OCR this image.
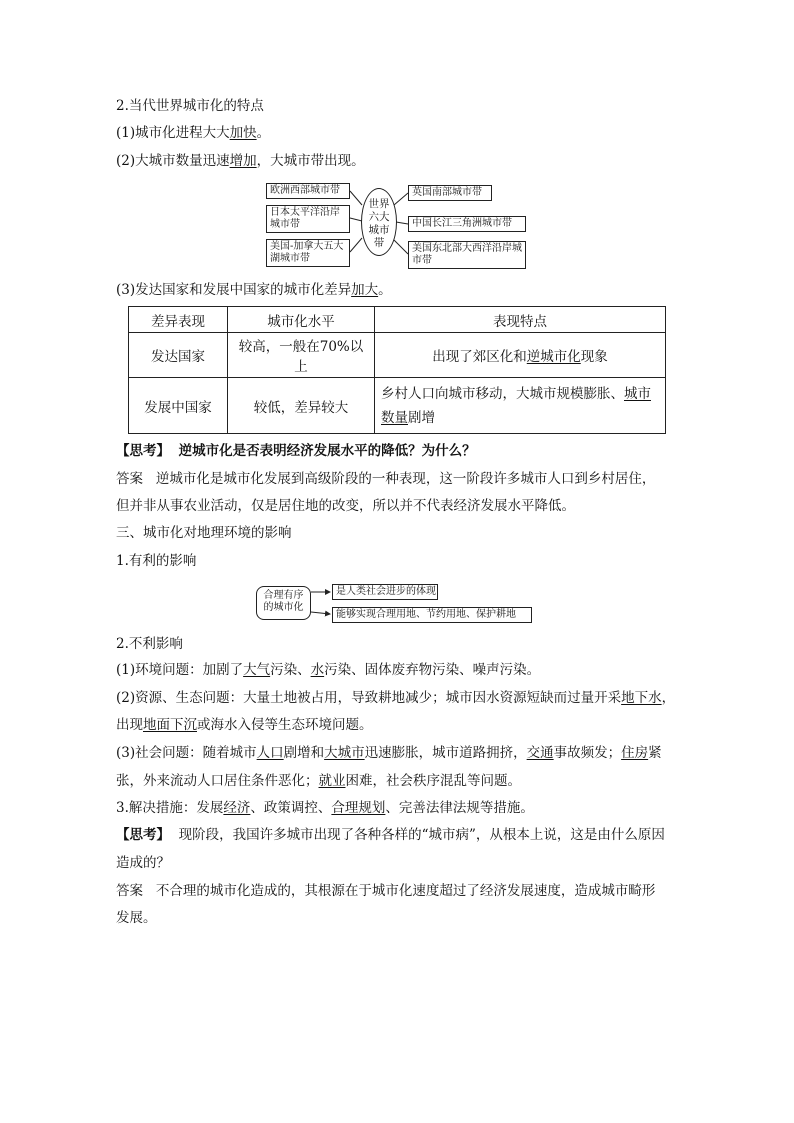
2.当代世界城市化的特点
(1)城市化进程大大加快。
(2)大城市数量迅速增加，大城市带出现。
欧洲西部城市带
日本太平洋沿岸城市带
美国-加拿大五大湖城市带
世界六大城市带
英国南部城市带
中国长江三角洲城市带
美国东北部大西洋沿岸城市带
(3)发达国家和发展中国家的城市化差异加大。
差异表现	城市化水平	表现特点
发达国家	较高，一般在70%以上	出现了郊区化和逆城市化现象
发展中国家	较低，差异较大	乡村人口向城市移动，大城市规模膨胀、城市
数量剧增
【思考】 逆城市化是否表明经济发展水平的降低？为什么？
答案 逆城市化是城市化发展到高级阶段的一种表现，这一阶段许多城市人口到乡村居住，
但并非从事农业活动，仅是居住地的改变，所以并不代表经济发展水平降低。
三、城市化对地理环境的影响
1.有利的影响
合理有序的城市化
是人类社会进步的体现
能够实现合理用地、节约用地、保护耕地
2.不利影响
(1)环境问题：加剧了大气污染、水污染、固体废弃物污染、噪声污染。
(2)资源、生态问题：大量土地被占用，导致耕地减少；城市因水资源短缺而过量开采地下水，
出现地面下沉或海水入侵等生态环境问题。
(3)社会问题：随着城市人口剧增和大城市迅速膨胀，城市道路拥挤，交通事故频发；住房紧
张，外来流动人口居住条件恶化；就业困难，社会秩序混乱等问题。
3.解决措施：发展经济、政策调控、合理规划、完善法律法规等措施。
【思考】 现阶段，我国许多城市出现了各种各样的“城市病”，从根本上说，这是由什么原因
造成的？
答案 不合理的城市化造成的，其根源在于城市化速度超过了经济发展速度，造成城市畸形
发展。
